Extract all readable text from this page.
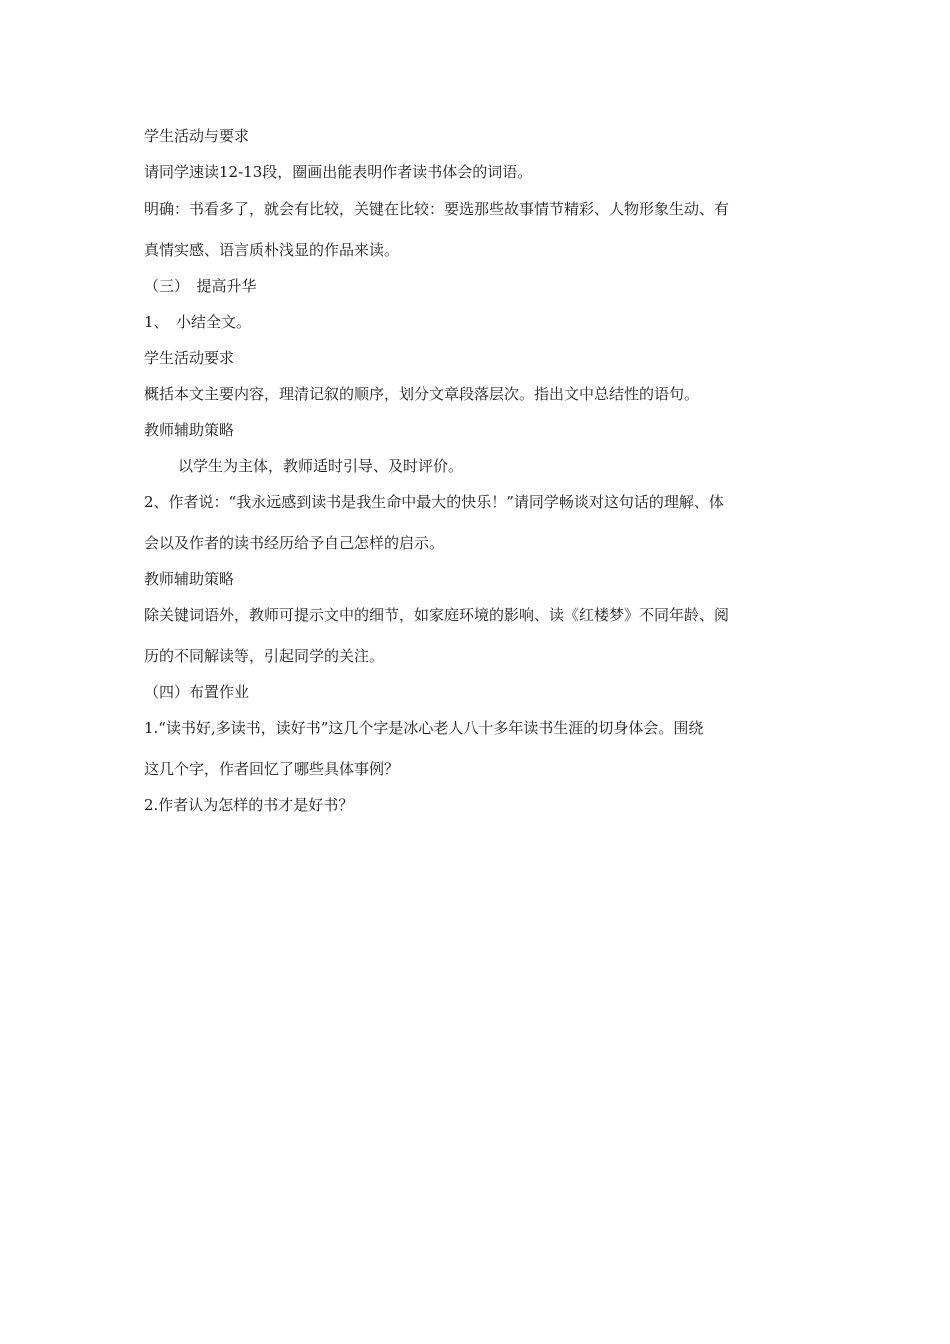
学生活动与要求
请同学速读12-13段，圈画出能表明作者读书体会的词语。
明确：书看多了，就会有比较，关键在比较：要选那些故事情节精彩、人物形象生动、有
真情实感、语言质朴浅显的作品来读。
（三）　提高升华
1、　小结全文。
学生活动要求
概括本文主要内容，理清记叙的顺序，划分文章段落层次。指出文中总结性的语句。
教师辅助策略
以学生为主体，教师适时引导、及时评价。
2、作者说：“我永远感到读书是我生命中最大的快乐！”请同学畅谈对这句话的理解、体
会以及作者的读书经历给予自己怎样的启示。
教师辅助策略
除关键词语外，教师可提示文中的细节，如家庭环境的影响、读《红楼梦》不同年龄、阅
历的不同解读等，引起同学的关注。
（四）布置作业
1.“读书好,多读书，读好书”这几个字是冰心老人八十多年读书生涯的切身体会。围绕
这几个字，作者回忆了哪些具体事例？
2.作者认为怎样的书才是好书？
